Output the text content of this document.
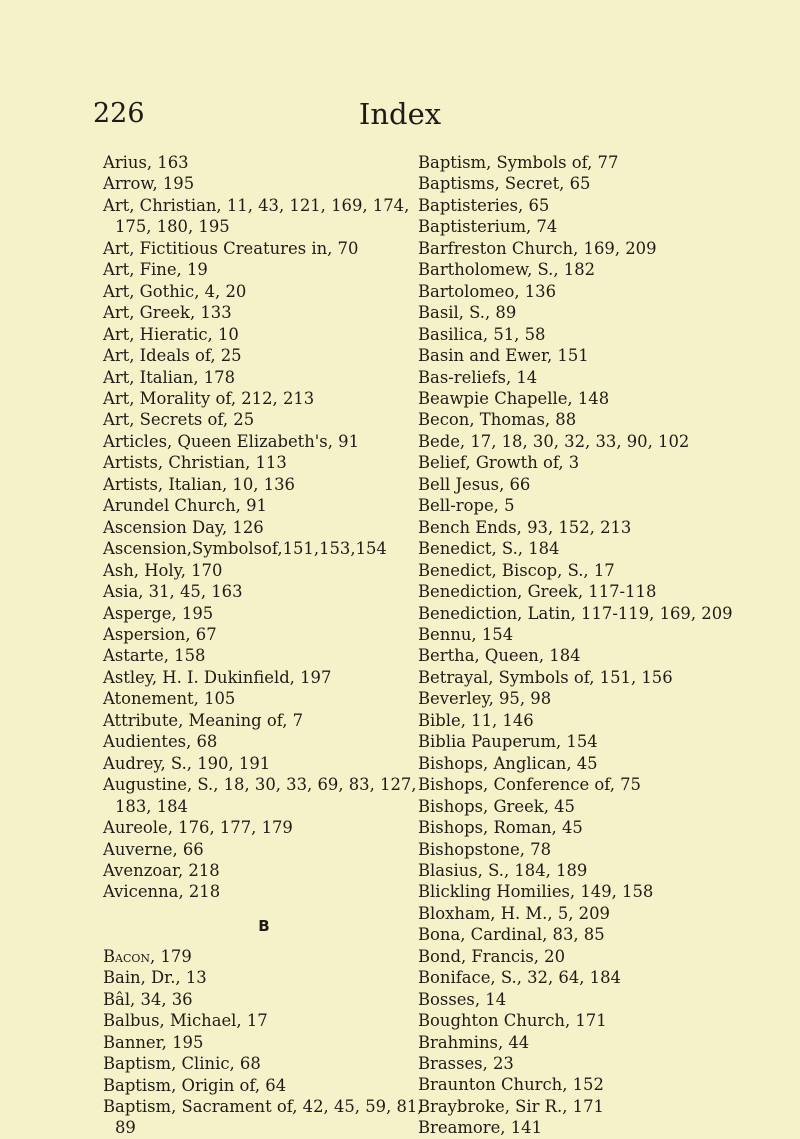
226	Index
Arius, 163
Arrow, 195
Art, Christian, 11, 43, 121, 169, 174, 175, 180, 195
Art, Fictitious Creatures in, 70
Art, Fine, 19
Art, Gothic, 4, 20
Art, Greek, 133
Art, Hieratic, 10
Art, Ideals of, 25
Art, Italian, 178
Art, Morality of, 212, 213
Art, Secrets of, 25
Articles, Queen Elizabeth's, 91
Artists, Christian, 113
Artists, Italian, 10, 136
Arundel Church, 91
Ascension Day, 126
Ascension,Symbolsof,151,153,154
Ash, Holy, 170
Asia, 31, 45, 163
Asperge, 195
Aspersion, 67
Astarte, 158
Astley, H. I. Dukinfield, 197
Atonement, 105
Attribute, Meaning of, 7
Audientes, 68
Audrey, S., 190, 191
Augustine, S., 18, 30, 33, 69, 83, 127, 183, 184
Aureole, 176, 177, 179
Auverne, 66
Avenzoar, 218
Avicenna, 218
B
Bacon, 179
Bain, Dr., 13
Bâl, 34, 36
Balbus, Michael, 17
Banner, 195
Baptism, Clinic, 68
Baptism, Origin of, 64
Baptism, Sacrament of, 42, 45, 59, 81, 89
Baptism, Symbols of, 77
Baptisms, Secret, 65
Baptisteries, 65
Baptisterium, 74
Barfreston Church, 169, 209
Bartholomew, S., 182
Bartolomeo, 136
Basil, S., 89
Basilica, 51, 58
Basin and Ewer, 151
Bas-reliefs, 14
Beawpie Chapelle, 148
Becon, Thomas, 88
Bede, 17, 18, 30, 32, 33, 90, 102
Belief, Growth of, 3
Bell Jesus, 66
Bell-rope, 5
Bench Ends, 93, 152, 213
Benedict, S., 184
Benedict, Biscop, S., 17
Benediction, Greek, 117-118
Benediction, Latin, 117-119, 169, 209
Bennu, 154
Bertha, Queen, 184
Betrayal, Symbols of, 151, 156
Beverley, 95, 98
Bible, 11, 146
Biblia Pauperum, 154
Bishops, Anglican, 45
Bishops, Conference of, 75
Bishops, Greek, 45
Bishops, Roman, 45
Bishopstone, 78
Blasius, S., 184, 189
Blickling Homilies, 149, 158
Bloxham, H. M., 5, 209
Bona, Cardinal, 83, 85
Bond, Francis, 20
Boniface, S., 32, 64, 184
Bosses, 14
Boughton Church, 171
Brahmins, 44
Brasses, 23
Braunton Church, 152
Braybroke, Sir R., 171
Breamore, 141
